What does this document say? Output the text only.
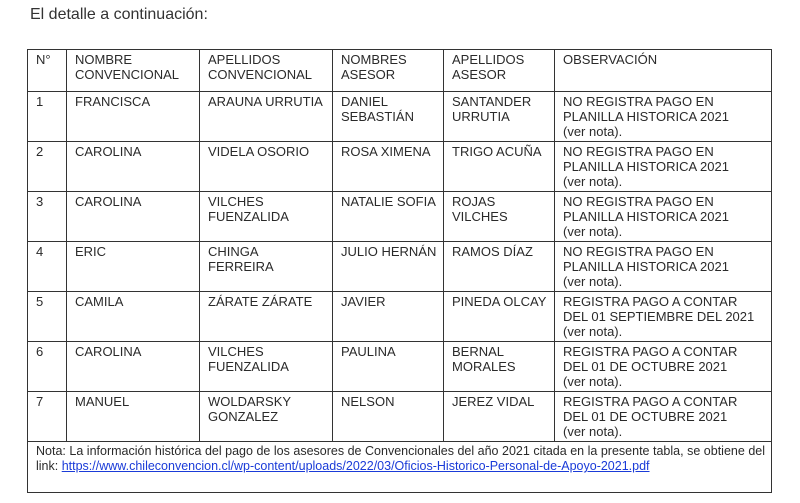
El detalle a continuación:
N°	NOMBRE CONVENCIONAL	APELLIDOS CONVENCIONAL	NOMBRES ASESOR	APELLIDOS ASESOR	OBSERVACIÓN
1	FRANCISCA	ARAUNA URRUTIA	DANIEL SEBASTIÁN	SANTANDER URRUTIA	NO REGISTRA PAGO EN PLANILLA HISTORICA 2021
(ver nota).

2	CAROLINA	VIDELA OSORIO	ROSA XIMENA	TRIGO ACUÑA	NO REGISTRA PAGO EN PLANILLA HISTORICA 2021
(ver nota).

3	CAROLINA	VILCHES FUENZALIDA	NATALIE SOFIA	ROJAS VILCHES	NO REGISTRA PAGO EN PLANILLA HISTORICA 2021
(ver nota).

4	ERIC	CHINGA FERREIRA	JULIO HERNÁN	RAMOS DÍAZ	NO REGISTRA PAGO EN PLANILLA HISTORICA 2021
(ver nota).

5	CAMILA	ZÁRATE ZÁRATE	JAVIER	PINEDA OLCAY	REGISTRA PAGO A CONTAR DEL 01 SEPTIEMBRE DEL 2021 (ver nota).
6	CAROLINA	VILCHES FUENZALIDA	PAULINA	BERNAL MORALES	REGISTRA PAGO A CONTAR DEL 01 DE OCTUBRE 2021
(ver nota).

7	MANUEL	WOLDARSKY GONZALEZ	NELSON	JEREZ VIDAL	REGISTRA PAGO A CONTAR DEL 01 DE OCTUBRE 2021
(ver nota).

Nota: La información histórica del pago de los asesores de Convencionales del año 2021 citada en la presente tabla, se obtiene del link: https://www.chileconvencion.cl/wp-content/uploads/2022/03/Oficios-Historico-Personal-de-Apoyo-2021.pdf					
